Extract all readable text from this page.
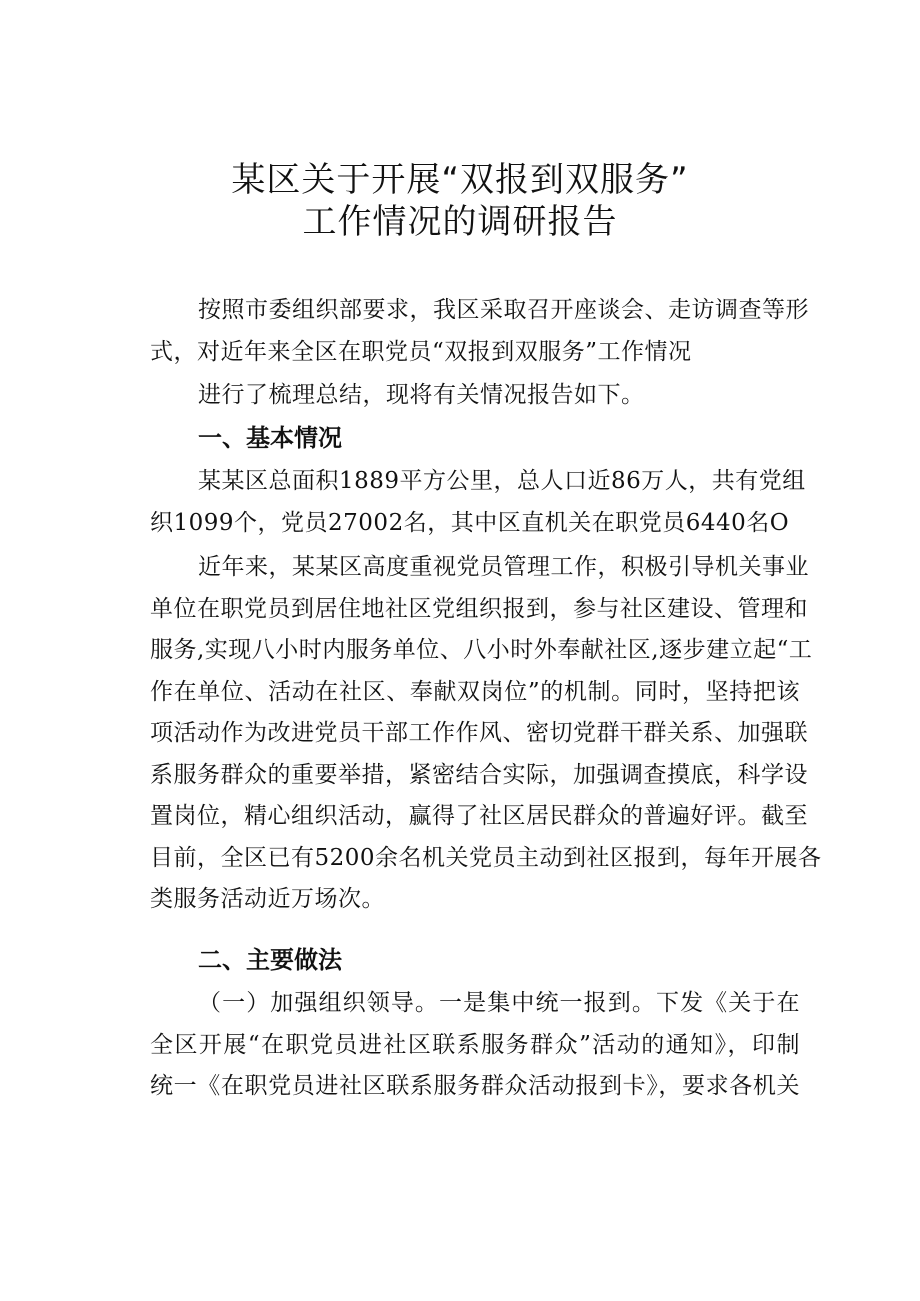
某区关于开展“双报到双服务”
工作情况的调研报告
按照市委组织部要求，我区采取召开座谈会、走访调查等形
式，对近年来全区在职党员“双报到双服务”工作情况
进行了梳理总结，现将有关情况报告如下。
一、基本情况
某某区总面积1889平方公里，总人口近86万人，共有党组
织1099个，党员27002名，其中区直机关在职党员6440名O
近年来，某某区高度重视党员管理工作，积极引导机关事业
单位在职党员到居住地社区党组织报到，参与社区建设、管理和
服务,实现八小时内服务单位、八小时外奉献社区,逐步建立起“工
作在单位、活动在社区、奉献双岗位”的机制。同时，坚持把该
项活动作为改进党员干部工作作风、密切党群干群关系、加强联
系服务群众的重要举措，紧密结合实际，加强调查摸底，科学设
置岗位，精心组织活动，赢得了社区居民群众的普遍好评。截至
目前，全区已有5200余名机关党员主动到社区报到，每年开展各
类服务活动近万场次。
二、主要做法
（一）加强组织领导。一是集中统一报到。下发《关于在
全区开展“在职党员进社区联系服务群众”活动的通知》，印制
统一《在职党员进社区联系服务群众活动报到卡》，要求各机关
